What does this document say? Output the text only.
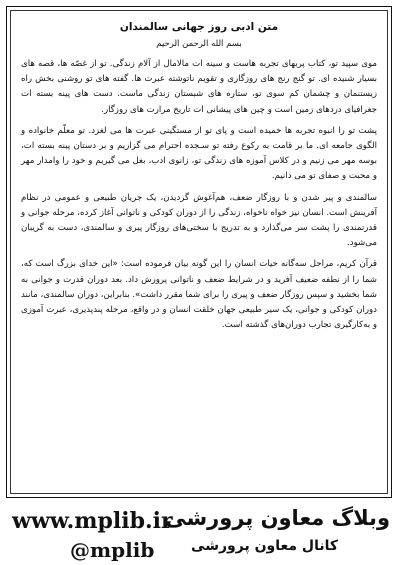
متن ادبی روز جهانی سالمندان
بسم الله الرحمن الرحيم

موی سپید تو، کتاب پربهای تجربه هاست و سینه ات مالامال از آلام زندگی. تو از غصّه ها، قصه های بسیار شنیده ای. تو گنج رنج های روزگاری و تقویم ناتوشته عبرت ها. گفته های تو روشنی بخش راه زیستنمان و چشمان کم سوی تو، ستاره های شبستان زندگی ماست. دست های پینه بسته ات جغرافیای دردهای زمین است و چین های پیشانی ات تاریخ مرارت های روزگار.

پشت تو را انبوه تجربه ها خمیده است و پای تو از مستگینی عبرت ها می لغزد. تو معلّم خانواده و الگوی جامعه ای. ما بر قامت به رکوع رفته تو سـجده احترام می گزاریم و بر دستان پینه بسته ات، بوسه مهر می زنیم و در کلاس آموزه های زندگی تو، زانوی ادب، بغل می گیریم و خود را وامدار مهر و محبت و صفای تو می دانیم.

سالمندی و پیر شدن و با روزگار ضعف، هم‌آغوش گردیدن، یک جریان طبیعی و عمومی در نظام آفرینش است. انسان نیز خواه ناخواه، زندگی را از دوران کودکی و ناتوانی آغاز کرده، مرحله جوانی و قدرتمندی را پشت سر می‌گذارد و به تدریج با سختی‌های روزگار پیری و سالمندی، دست به گریبان می‌شود.

قرآن کریم، مراحل سه‌گانه حیات انسان را این گونه بیان فرموده است: «این خدای بزرگ است که، شما را از نطفه ضعیف آفرید و در شرایط ضعف و ناتوانی پرورش داد. بعد دوران قدرت و جوانی به شما بخشید و سپس روزگار ضعف و پیری را برای شما مقرر داشت». بنابراین، دوران سالمندی، مانند دوران کودکی و جوانی، یک سیر طبیعی جهان خلقت انسان و در واقع، مرحله پندپذیری، عبرت آموزی و به‌کارگیری تجارب دوران‌های گذشته است.

www.mplib.ir
@mplib
وبلاگ معاون پرورشی
کانال معاون پرورشی
